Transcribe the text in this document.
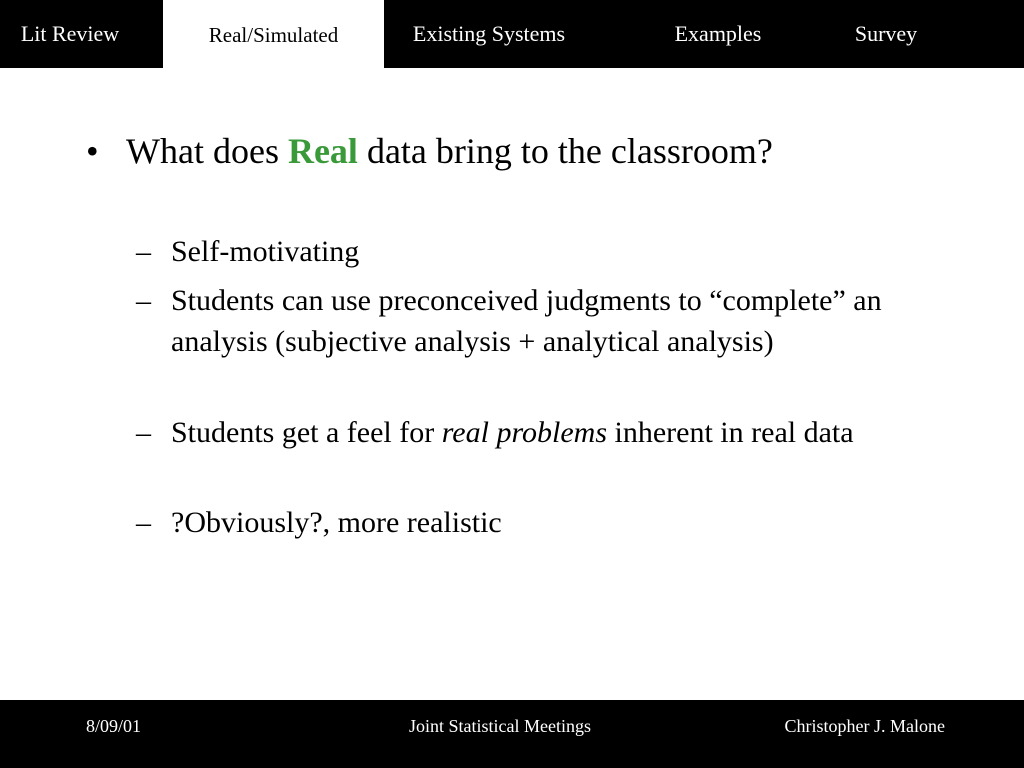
Lit Review	Real/Simulated	Existing Systems	Examples	Survey
• What does Real data bring to the classroom?
– Self-motivating
– Students can use preconceived judgments to “complete” an analysis (subjective analysis + analytical analysis)
– Students get a feel for real problems inherent in real data
– ?Obviously?, more realistic
8/09/01	Joint Statistical Meetings	Christopher J. Malone
